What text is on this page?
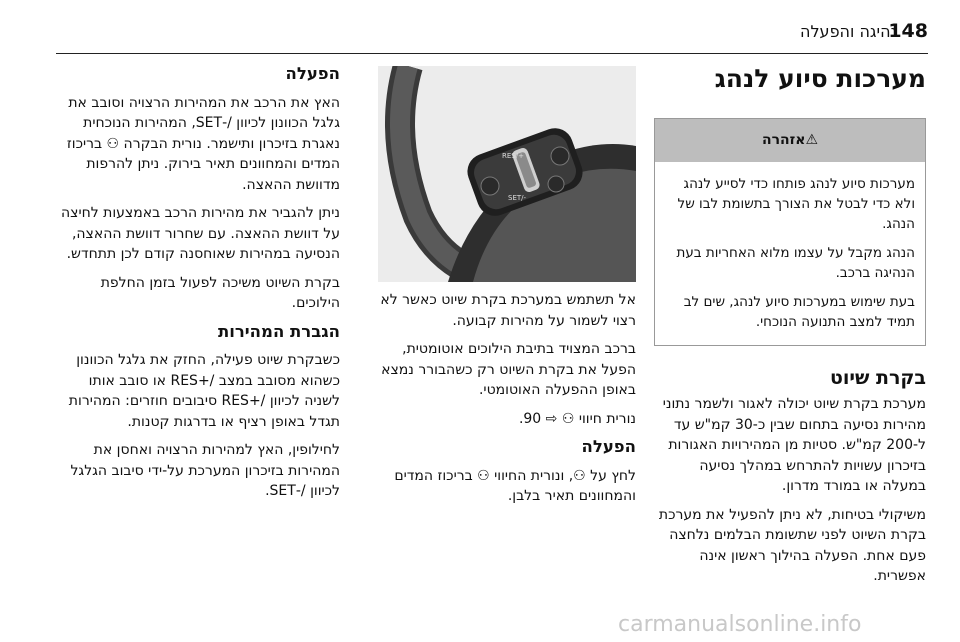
148
נהיגה והפעלה
מערכות סיוע לנהג
⚠אזהרה

מערכות סיוע לנהג פותחו כדי לסייע לנהג ולא כדי לבטל את הצורך בתשומת לבו של הנהג.

הנהג מקבל על עצמו מלוא האחריות בעת הנהיגה ברכב.

בעת שימוש במערכות סיוע לנהג, שים לב תמיד למצב התנועה הנוכחי.

בקרת שיוט

מערכת בקרת שיוט יכולה לאגור ולשמר נתוני מהירות נסיעה בתחום שבין כ-30 קמ"ש עד ל-200 קמ"ש. סטיות מן המהירויות האגורות בזיכרון עשויות להתרחש במהלך נסיעה במעלה או במורד מדרון.

משיקולי בטיחות, לא ניתן להפעיל את מערכת בקרת השיוט לפני שתשומת הבלמים נלחצה פעם אחת. הפעלה בהילוך ראשון אינה אפשרית.

RES/+
SET/-

אל תשתמש במערכת בקרת שיוט כאשר לא רצוי לשמור על מהירות קבועה.

ברכב המצויד בתיבת הילוכים אוטומטית, הפעל את בקרת השיוט רק כשהבורר נמצא באופן ההפעלה האוטומטי.

נורית חיווי ⚇ ⇨ 90.

הפעלה

לחץ על ⚇, ונורית החיווי ⚇ בריכוז המדים והמחוונים תאיר בלבן.

הפעלה

האץ את הרכב את המהירות הרצויה וסובב את גלגל הכוונון לכיוון /-SET, המהירות הנוכחית נאגרת בזיכרון ותישמר. נורית הבקרה ⚇ בריכוז המדים והמחוונים תאיר בירוק. ניתן להרפות מדוושת ההאצה.

ניתן להגביר את מהירות הרכב באמצעות לחיצה על דוושת ההאצה. עם שחרור דוושת ההאצה, הנסיעה במהירות שאוחסנה קודם לכן תתחדש.

בקרת השיוט משיכה לפעול בזמן החלפת הילוכים.

הגברת המהירות

כשבקרת שיוט פעילה, החזק את גלגל הכוונון כשהוא מסובב במצב /+RES או סובב אותו לשניה לכיוון /+RES סיבובים חוזרים: המהירות תגדל באופן רציף או בדרגות קטנות.

לחילופין, האץ למהירות הרצויה ואחסן את המהירות בזיכרון המערכת על-ידי סיבוב הגלגל לכיוון /-SET.

carmanualsonline.info
